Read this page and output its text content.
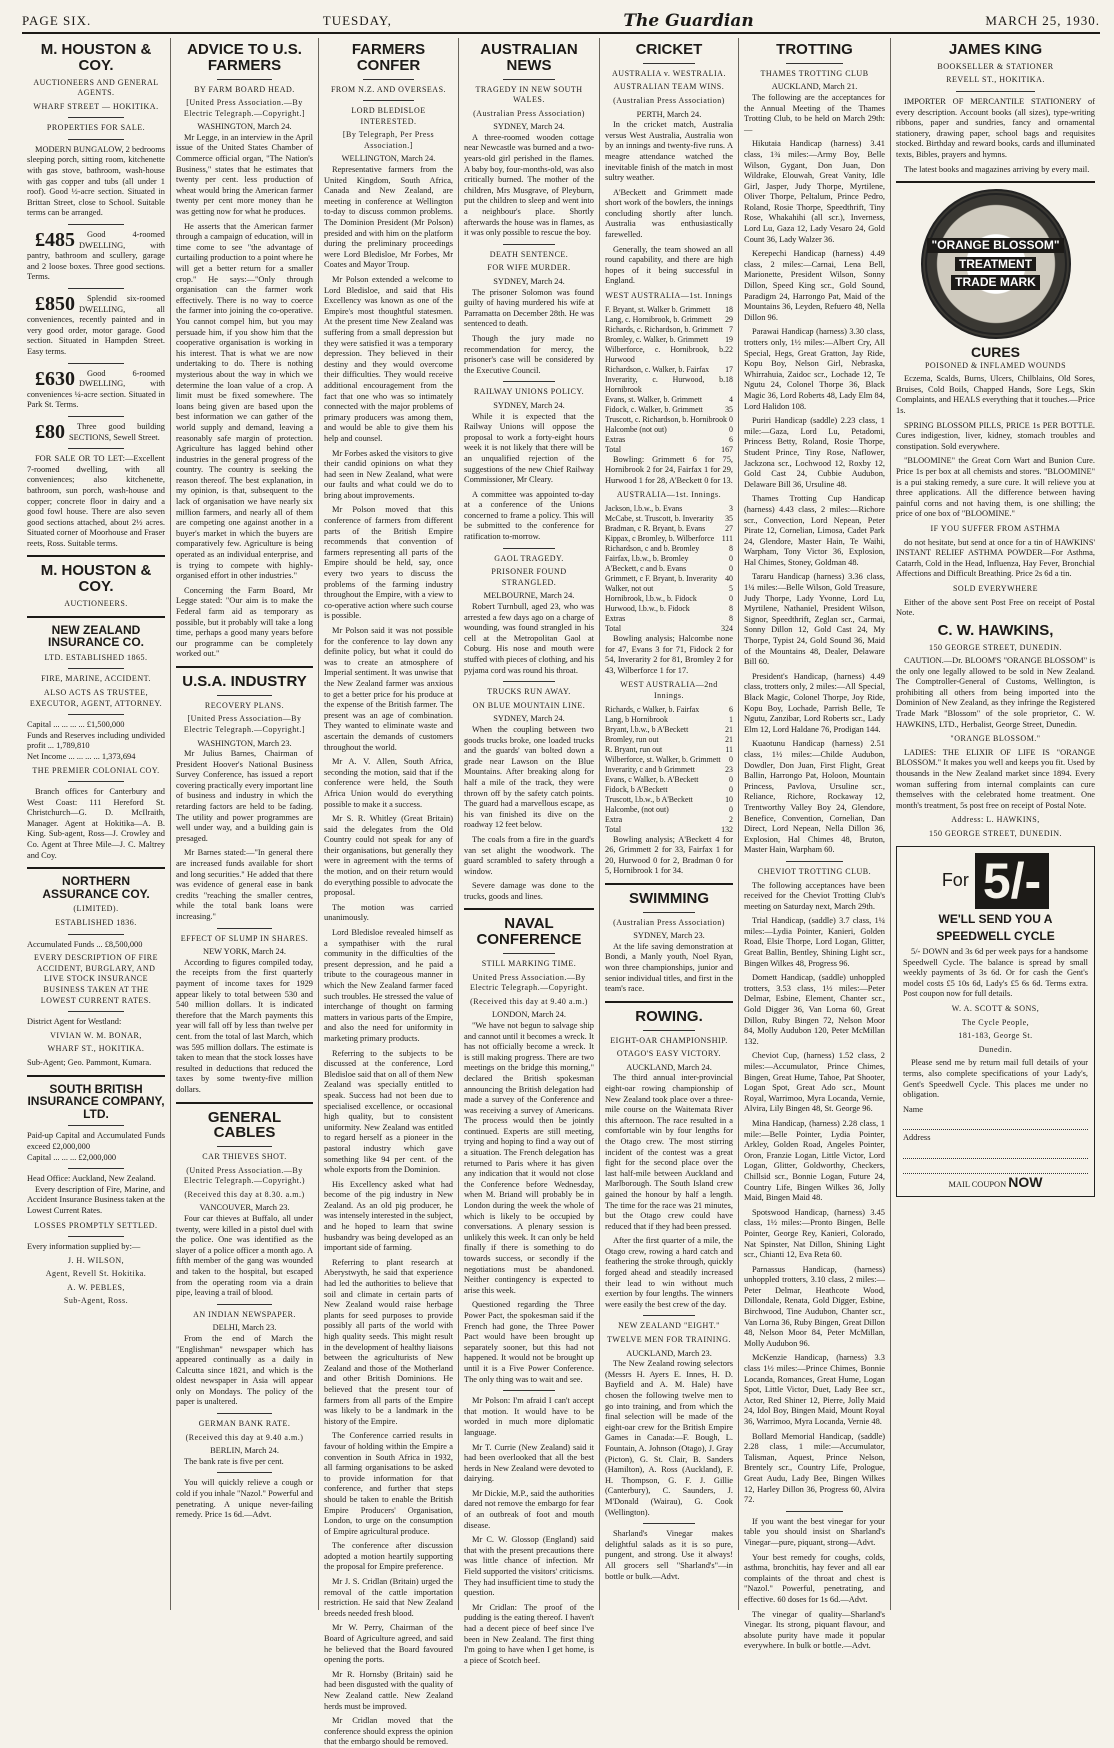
PAGE SIX.	TUESDAY,	The Guardian	MARCH 25, 1930.
M. HOUSTON & COY.
AUCTIONEERS AND GENERAL AGENTS.
WHARF STREET — HOKITIKA.
PROPERTIES FOR SALE.

MODERN BUNGALOW, 2 bedrooms sleeping porch, sitting room, kitchenette with gas stove, bathroom, wash-house with gas copper and tubs (all under 1 roof). Good ½-acre section. Situated in Brittan Street, close to School. Suitable terms can be arranged.

£485 Good 4-roomed DWELLING, with pantry, bathroom and scullery, garage and 2 loose boxes. Three good sections. Terms.

£850 Splendid six-roomed DWELLING, all conveniences, recently painted and in very good order, motor garage. Good section. Situated in Hampden Street. Easy terms.

£630 Good 6-roomed DWELLING, with conveniences ¼-acre section. Situated in Park St. Terms.

£80 Three good building SECTIONS, Sewell Street.

FOR SALE OR TO LET:—Excellent 7-roomed dwelling, with all conveniences; also kitchenette, bathroom, sun porch, wash-house and copper; concrete floor in dairy and a good fowl house. There are also seven good sections attached, about 2½ acres. Situated corner of Moorhouse and Fraser reets, Ross. Suitable terms.

M. HOUSTON & COY.
AUCTIONEERS.
NEW ZEALAND INSURANCE CO.
LTD. ESTABLISHED 1865.
FIRE, MARINE, ACCIDENT.
ALSO ACTS AS TRUSTEE, EXECUTOR, AGENT, ATTORNEY.
Capital ... ... ... ... £1,500,000
Funds and Reserves including undivided profit ... 1,789,810
Net Income ... ... ... ... 1,373,694
THE PREMIER COLONIAL COY.

Branch offices for Canterbury and West Coast: 111 Hereford St. Christchurch—G. D. McIlraith, Manager. Agent at Hokitika—A. B. King. Sub-agent, Ross—J. Crowley and Co. Agent at Three Mile—J. C. Maltrey and Coy.

NORTHERN ASSURANCE COY.
(LIMITED).
ESTABLISHED 1836.
Accumulated Funds ... £8,500,000
EVERY DESCRIPTION OF FIRE ACCIDENT, BURGLARY, AND LIVE STOCK INSURANCE BUSINESS TAKEN AT THE LOWEST CURRENT RATES.
District Agent for Westland:
VIVIAN W. M. BONAR,
WHARF ST., HOKITIKA.
Sub-Agent; Geo. Pammont, Kumara.
SOUTH BRITISH INSURANCE COMPANY, LTD.
Paid-up Capital and Accumulated Funds exceed £2,000,000
Capital ... ... ... £2,000,000
Head Office: Auckland, New Zealand.

Every description of Fire, Marine, and Accident Insurance Business taken at the Lowest Current Rates.

LOSSES PROMPTLY SETTLED.
Every information supplied by:—
J. H. WILSON,
Agent, Revell St. Hokitika.
A. W. PEBLES,
Sub-Agent, Ross.
ADVICE TO U.S. FARMERS
BY FARM BOARD HEAD.
[United Press Association.—By Electric Telegraph.—Copyright.]
WASHINGTON, March 24.

Mr Legge, in an interview in the April issue of the United States Chamber of Commerce official organ, "The Nation's Business," states that he estimates that twenty per cent. less production of wheat would bring the American farmer twenty per cent more money than he was getting now for what he produces.

He asserts that the American farmer through a campaign of education, will in time come to see "the advantage of curtailing production to a point where he will get a better return for a smaller crop." He says:—"Only through organisation can the farmer work effectively. There is no way to coerce the farmer into joining the co-operative. You cannot compel him, but you may persuade him, if you show him that the cooperative organisation is working in his interest. That is what we are now undertaking to do. There is nothing mysterious about the way in which we determine the loan value of a crop. A limit must be fixed somewhere. The loans being given are based upon the best information we can gather of the world supply and demand, leaving a reasonably safe margin of protection. Agriculture has lagged behind other industries in the general progress of the country. The country is seeking the reason thereof. The best explanation, in my opinion, is that, subsequent to the lack of organisation we have nearly six million farmers, and nearly all of them are competing one against another in a buyer's market in which the buyers are comparatively few. Agriculture is being operated as an individual enterprise, and is trying to compete with highly-organised effort in other industries."

Concerning the Farm Board, Mr Legge stated: "Our aim is to make the Federal farm aid as temporary as possible, but it probably will take a long time, perhaps a good many years before our programme can be completely worked out."

U.S.A. INDUSTRY
RECOVERY PLANS.
[United Press Association—By Electric Telegraph.—Copyright.]
WASHINGTON, March 23.

Mr Julius Barnes, Chairman of President Hoover's National Business Survey Conference, has issued a report covering practically every important line of business and industry in which the retarding factors are held to be fading. The utility and power programmes are well under way, and a building gain is presaged.

Mr Barnes stated:—"In general there are increased funds available for short and long securities." He added that there was evidence of general ease in bank credits "reaching the smaller centres, while the total bank loans were increasing."

EFFECT OF SLUMP IN SHARES.
NEW YORK, March 24.

According to figures compiled today, the receipts from the first quarterly payment of income taxes for 1929 appear likely to total between 530 and 540 million dollars. It is indicated therefore that the March payments this year will fall off by less than twelve per cent. from the total of last March, which was 595 million dollars. The estimate is taken to mean that the stock losses have resulted in deductions that reduced the taxes by some twenty-five million dollars.

GENERAL CABLES
CAR THIEVES SHOT.
(United Press Association.—By Electric Telegraph.—Copyright.)
(Received this day at 8.30. a.m.)
VANCOUVER, March 23.

Four car thieves at Buffalo, all under twenty, were killed in a pistol duel with the police. One was identified as the slayer of a police officer a month ago. A fifth member of the gang was wounded and taken to the hospital, but escaped from the operating room via a drain pipe, leaving a trail of blood.

AN INDIAN NEWSPAPER.
DELHI, March 23.

From the end of March the "Englishman" newspaper which has appeared continually as a daily in Calcutta since 1821, and which is the oldest newspaper in Asia will appear only on Mondays. The policy of the paper is unaltered.

GERMAN BANK RATE.
(Received this day at 9.40 a.m.)
BERLIN, March 24.

The bank rate is five per cent.

You will quickly relieve a cough or cold if you inhale "Nazol." Powerful and penetrating. A unique never-failing remedy. Price 1s 6d.—Advt.

FARMERS CONFER
FROM N.Z. AND OVERSEAS.
LORD BLEDISLOE INTERESTED.
[By Telegraph, Per Press Association.]
WELLINGTON, March 24.

Representative farmers from the United Kingdom, South Africa, Canada and New Zealand, are meeting in conference at Wellington to-day to discuss common problems. The Dominion President (Mr Polson) presided and with him on the platform during the preliminary proceedings were Lord Bledisloe, Mr Forbes, Mr Coates and Mayor Troup.

Mr Polson extended a welcome to Lord Bledisloe, and said that His Excellency was known as one of the Empire's most thoughtful statesmen. At the present time New Zealand was suffering from a small depression but they were satisfied it was a temporary depression. They believed in their destiny and they would overcome their difficulties. They would receive additional encouragement from the fact that one who was so intimately connected with the major problems of primary producers was among them, and would be able to give them his help and counsel.

Mr Forbes asked the visitors to give their candid opinions on what they had seen in New Zealand, what were our faults and what could we do to bring about improvements.

Mr Polson moved that this conference of farmers from different parts of the British Empire recommends that convention of farmers representing all parts of the Empire should be held, say, once every two years to discuss the problems of the farming industry throughout the Empire, with a view to co-operative action where such course is possible.

Mr Polson said it was not possible for the conference to lay down any definite policy, but what it could do was to create an atmosphere of Imperial sentiment. It was unwise that the New Zealand farmer was anxious to get a better price for his produce at the expense of the British farmer. The present was an age of combination. They wanted to eliminate waste and ascertain the demands of customers throughout the world.

Mr A. V. Allen, South Africa, seconding the motion, said that if the conference were held, the South Africa Union would do everything possible to make it a success.

Mr S. R. Whitley (Great Britain) said the delegates from the Old Country could not speak for any of their organisations, but generally they were in agreement with the terms of the motion, and on their return would do everything possible to advocate the proposal.

The motion was carried unanimously.

Lord Bledisloe revealed himself as a sympathiser with the rural community in the difficulties of the present depression, and he paid a tribute to the courageous manner in which the New Zealand farmer faced such troubles. He stressed the value of interchange of thought on farming matters in various parts of the Empire, and also the need for uniformity in marketing primary products.

Referring to the subjects to be discussed at the conference, Lord Bledisloe said that on all of them New Zealand was specially entitled to speak. Success had not been due to specialised excellence, or occasional high quality, but to consistent uniformity. New Zealand was entitled to regard herself as a pioneer in the pastoral industry which gave something like 94 per cent. of the whole exports from the Dominion.

His Excellency asked what had become of the pig industry in New Zealand. As an old pig producer, he was intensely interested in the subject, and he hoped to learn that swine husbandry was being developed as an important side of farming.

Referring to plant research at Aberystwyth, he said that experience had led the authorities to believe that soil and climate in certain parts of New Zealand would raise herbage plants for seed purposes to provide possibly all parts of the world with high quality seeds. This might result in the development of healthy liaisons between the agriculturists of New Zealand and those of the Motherland and other British Dominions. He believed that the present tour of farmers from all parts of the Empire was likely to be a landmark in the history of the Empire.

The Conference carried results in favour of holding within the Empire a convention in South Africa in 1932, all farming organisations to be asked to provide information for that conference, and further that steps should be taken to enable the British Empire Producers' Organisation, London, to urge on the consumption of Empire agricultural produce.

The conference after discussion adopted a motion heartily supporting the proposal for Empire preference.

Mr J. S. Cridlan (Britain) urged the removal of the cattle importation restriction. He said that New Zealand breeds needed fresh blood.

Mr W. Perry, Chairman of the Board of Agriculture agreed, and said he believed that the Board favoured opening the ports.

Mr R. Hornsby (Britain) said he had been disgusted with the quality of New Zealand cattle. New Zealand herds must be improved.

Mr Cridlan moved that the conference should express the opinion that the embargo should be removed.

AUSTRALIAN NEWS
TRAGEDY IN NEW SOUTH WALES.
(Australian Press Association)
SYDNEY, March 24.

A three-roomed wooden cottage near Newcastle was burned and a two-years-old girl perished in the flames. A baby boy, four-months-old, was also critically burned. The mother of the children, Mrs Musgrave, of Pleyburn, put the children to sleep and went into a neighbour's place. Shortly afterwards the house was in flames, as it was only possible to rescue the boy.

DEATH SENTENCE.
FOR WIFE MURDER.
SYDNEY, March 24.

The prisoner Solomon was found guilty of having murdered his wife at Parramatta on December 28th. He was sentenced to death.

Though the jury made no recommendation for mercy, the prisoner's case will be considered by the Executive Council.

RAILWAY UNIONS POLICY.
SYDNEY, March 24.

While it is expected that the Railway Unions will oppose the proposal to work a forty-eight hours week it is not likely that there will be an unqualified rejection of the suggestions of the new Chief Railway Commissioner, Mr Cleary.

A committee was appointed to-day at a conference of the Unions concerned to frame a policy. This will be submitted to the conference for ratification to-morrow.

GAOL TRAGEDY.
PRISONER FOUND STRANGLED.
MELBOURNE, March 24.

Robert Turnbull, aged 23, who was arrested a few days ago on a charge of wounding, was found strangled in his cell at the Metropolitan Gaol at Coburg. His nose and mouth were stuffed with pieces of clothing, and his pyjama cord was round his throat.

TRUCKS RUN AWAY.
ON BLUE MOUNTAIN LINE.
SYDNEY, March 24.

When the coupling between two goods trucks broke, one loaded trucks and the guards' van bolted down a grade near Lawson on the Blue Mountains. After breaking along for half a mile of the track, they were thrown off by the safety catch points. The guard had a marvellous escape, as his van finished its dive on the roadway 12 feet below.

The coals from a fire in the guard's van set alight the woodwork. The guard scrambled to safety through a window.

Severe damage was done to the trucks, goods and lines.

NAVAL CONFERENCE
STILL MARKING TIME.
United Press Association.—By Electric Telegraph.—Copyright.
(Received this day at 9.40 a.m.)
LONDON, March 24.

"We have not begun to salvage ship and cannot until it becomes a wreck. It has not officially become a wreck. It is still making progress. There are two meetings on the bridge this morning," declared the British spokesman announcing the British delegation had made a survey of the Conference and was receiving a survey of Americans. The process would then be jointly continued. Experts are still meeting, trying and hoping to find a way out of a situation. The French delegation has returned to Paris where it has given any indication that it would not close the Conference before Wednesday, when M. Briand will probably be in London during the week the whole of which is likely to be occupied by conversations. A plenary session is unlikely this week. It can only be held finally if there is something to do towards success, or secondly if the negotiations must be abandoned. Neither contingency is expected to arise this week.

Questioned regarding the Three Power Pact, the spokesman said if the French had gone, the Three Power Pact would have been brought up separately sooner, but this had not happened. It would not be brought up until it is a Five Power Conference. The only thing was to wait and see.

Mr Polson: I'm afraid I can't accept that motion. It would have to be worded in much more diplomatic language.

Mr T. Currie (New Zealand) said it had been overlooked that all the best herds in New Zealand were devoted to dairying.

Mr Dickie, M.P., said the authorities dared not remove the embargo for fear of an outbreak of foot and mouth disease.

Mr C. W. Glossop (England) said that with the present precautions there was little chance of infection. Mr Field supported the visitors' criticisms. They had insufficient time to study the question.

Mr Cridlan: The proof of the pudding is the eating thereof. I haven't had a decent piece of beef since I've been in New Zealand. The first thing I'm going to have when I get home, is a piece of Scotch beef.

CRICKET
AUSTRALIA v. WESTRALIA.
AUSTRALIAN TEAM WINS.
(Australian Press Association)
PERTH, March 24.

In the cricket match, Australia versus West Australia, Australia won by an innings and twenty-five runs. A meagre attendance watched the inevitable finish of the match in most sultry weather.

A'Beckett and Grimmett made short work of the bowlers, the innings concluding shortly after lunch. Australia was enthusiastically farewelled.

Generally, the team showed an all round capability, and there are high hopes of it being successful in England.

WEST AUSTRALIA—1st. Innings
F. Bryant, st. Walker b. Grimmett 18
Lang, c. Hornibrook, b. Grimmett 29
Richards, c. Richardson, b. Grimmett 7
Bromley, c. Walker, b. Grimmett 19
Wilberforce, c. Hornibrook, b. Hurwood
22
Richardson, c. Walker, b. Fairfax 17
Inverarity, c. Hurwood, b. Hornibrook
18
Evans, st. Walker, b. Grimmett	4
Fidock, c. Walker, b. Grimmett	35
Truscott, c. Richardson, b. Hornibrook 0
Halcombe (not out)	0
Extras	6
Total	167

Bowling: Grimmett 6 for 75, Hornibrook 2 for 24, Fairfax 1 for 29, Hurwood 1 for 28, A'Beckett 0 for 13.

AUSTRALIA—1st. Innings.
Jackson, l.b.w., b. Evans	3
McCabe, st. Truscott, b. Inverarity 35
Bradman, c R. Bryant, b. Evans	27
Kippax, c Bromley, b. Wilberforce 111
Richardson, c and b. Bromley	8
Fairfax, l.b.w., b. Bromley	0
A'Beckett, c and b. Evans	0
Grimmett, c F. Bryant, b. Inverarity 40
Walker, not out	5
Hornibrook, l.b.w., b. Fidock	0
Hurwood, l.b.w., b. Fidock	8
Extras	8
Total	324

Bowling analysis; Halcombe none for 47, Evans 3 for 71, Fidock 2 for 54, Inverarity 2 for 81, Bromley 2 for 43, Wilberforce 1 for 17.

WEST AUSTRALIA—2nd Innings.
Richards, c Walker, b. Fairfax	6
Lang, b Hornibrook	1
Bryant, l.b.w., b A'Beckett	21
Bromley, run out	21
R. Bryant, run out	11
Wilberforce, st. Walker, b. Grimmett 0
Inverarity, c and b Grimmett	23
Evans, c Walker, b. A'Beckett	0
Fidock, b A'Beckett	0
Truscott, l.b.w., b A'Beckett	10
Halcombe, (not out)	0
Extra	2
Total	132

Bowling analysis; A'Beckett 4 for 26, Grimmett 2 for 33, Fairfax 1 for 20, Hurwood 0 for 2, Bradman 0 for 5, Hornibrook 1 for 34.

SWIMMING
(Australian Press Association)
SYDNEY, March 23.

At the life saving demonstration at Bondi, a Manly youth, Noel Ryan, won three championships, junior and senior individual titles, and first in the team's race.

ROWING.
EIGHT-OAR CHAMPIONSHIP.
OTAGO'S EASY VICTORY.
AUCKLAND, March 24.

The third annual inter-provincial eight-oar rowing championship of New Zealand took place over a three-mile course on the Waitemata River this afternoon. The race resulted in a comfortable win by four lengths for the Otago crew. The most stirring incident of the contest was a great fight for the second place over the last half-mile between Auckland and Marlborough. The South Island crew gained the honour by half a length. The time for the race was 21 minutes, but the Otago crew could have reduced that if they had been pressed.

After the first quarter of a mile, the Otago crew, rowing a hard catch and feathering the stroke through, quickly forged ahead and steadily increased their lead to win without much exertion by four lengths. The winners were easily the best crew of the day.

NEW ZEALAND "EIGHT."
TWELVE MEN FOR TRAINING.
AUCKLAND, March 23.

The New Zealand rowing selectors (Messrs H. Ayers E. Innes, H. D. Bayfield and A. M. Hale) have chosen the following twelve men to go into training, and from which the final selection will be made of the eight-oar crew for the British Empire Games in Canada:—F. Bough, L. Fountain, A. Johnson (Otago), J. Gray (Picton), G. St. Clair, B. Sanders (Hamilton), A. Ross (Auckland), F. H. Thompson, G. F. J. Gillie (Canterbury), C. Saunders, J. M'Donald (Wairau), G. Cook (Wellington).

Sharland's Vinegar makes delightful salads as it is so pure, pungent, and strong. Use it always! All grocers sell "Sharland's"—in bottle or bulk.—Advt.

TROTTING
THAMES TROTTING CLUB
AUCKLAND, March 21.

The following are the acceptances for the Annual Meeting of the Thames Trotting Club, to be held on March 29th:—

Hikutaia Handicap (harness) 3.41 class, 1¾ miles:—Army Boy, Belle Wilson, Gygant, Don Juan, Don Wildrake, Elouwah, Great Vanity, Idle Girl, Jasper, Judy Thorpe, Myrtilene, Oliver Thorpe, Peltalum, Prince Pedro, Roland, Rosie Thorpe, Speedthrift, Tiny Rose, Whakahihi (all scr.), Inverness, Lord Lu, Gaza 12, Lady Vesaro 24, Gold Count 36, Lady Walzer 36.

Kerepechi Handicap (harness) 4.49 class, 2 miles:—Carnai, Lena Bell, Marionette, President Wilson, Sonny Dillon, Speed King scr., Gold Sound, Paradigm 24, Harrongo Pat, Maid of the Mountains 36, Leyden, Refuero 48, Nella Dillon 96.

Parawai Handicap (harness) 3.30 class, trotters only, 1½ miles:—Albert Cry, All Special, Hegs, Great Gratton, Jay Ride, Kopu Boy, Nelson Girl, Nebraska, Whirrahuia, Zaidoc scr., Lochade 12, Te Ngutu 24, Colonel Thorpe 36, Black Magic 36, Lord Roberts 48, Lady Elm 84, Lord Halidon 108.

Puriri Handicap (saddle) 2.23 class, 1 mile:—Gaza, Lord Lu, Petadomi, Princess Betty, Roland, Rosie Thorpe, Student Prince, Tiny Rose, Naflower, Jackzona scr., Lochwood 12, Roxby 12, Gold Cast 24, Cubbie Audubon, Delaware Bill 36, Ursuline 48.

Thames Trotting Cup Handicap (harness) 4.43 class, 2 miles:—Richore scr., Convection, Lord Nepean, Peter Pirate 12, Cornelian, Limosa, Cadet Park 24, Glendore, Master Hain, Te Waihi, Warpham, Tony Victor 36, Explosion, Hal Chimes, Stoney, Goldman 48.

Tararu Handicap (harness) 3.36 class, 1¼ miles:—Belle Wilson, Gold Treasure, Judy Thorpe, Lady Yvonne, Lord Lu, Myrtilene, Nathaniel, President Wilson, Signor, Speedthrift, Zeglan scr., Carmai, Sonny Dillon 12, Gold Cast 24, My Thorpe, Typist 24, Gold Sound 36, Maid of the Mountains 48, Dealer, Delaware Bill 60.

President's Handicap, (harness) 4.49 class, trotters only, 2 miles:—All Special, Black Magic, Colonel Thorpe, Joy Ride, Kopu Boy, Lochade, Parrish Belle, Te Ngutu, Zanzibar, Lord Roberts scr., Lady Elm 12, Lord Haldane 76, Prodigan 144.

Kuaotunu Handicap (harness) 2.51 class, 1½ miles:—Childe Audubon, Dowdler, Don Juan, First Flight, Great Ballin, Harrongo Pat, Holoon, Mountain Princess, Pavlova, Ursuline scr., Reliance, Richore, Rockaway 12, Trentworthy Valley Boy 24, Glendore, Benefice, Convention, Cornelian, Dan Direct, Lord Nepean, Nella Dillon 36, Explosion, Hal Chimes 48, Bruton, Master Hain, Warpham 60.

CHEVIOT TROTTING CLUB.

The following acceptances have been received for the Cheviot Trotting Club's meeting on Saturday next, March 29th.

Trial Handicap, (saddle) 3.7 class, 1¼ miles:—Lydia Pointer, Kanieri, Golden Road, Elsie Thorpe, Lord Logan, Glitter, Great Ballin, Bentley, Shining Light scr., Bingen Wilkes 48, Progress 96.

Domett Handicap, (saddle) unhoppled trotters, 3.53 class, 1½ miles:—Peter Delmar, Esbine, Element, Chanter scr., Gold Digger 36, Van Lorna 60, Great Dillon, Ruby Bingen 72, Nelson Moor 84, Molly Audubon 120, Peter McMillan 132.

Cheviot Cup, (harness) 1.52 class, 2 miles:—Accumulator, Prince Chimes, Bingen, Great Hume, Tahoe, Pat Shooter, Logan Spot, Great Ado scr., Mount Royal, Warrimoo, Myra Locanda, Vernie, Alvira, Lily Bingen 48, St. George 96.

Mina Handicap, (harness) 2.28 class, 1 mile:—Belle Pointer, Lydia Pointer, Arkley, Golden Road, Angeles Pointer, Oron, Franzie Logan, Little Victor, Lord Logan, Glitter, Goldworthy, Checkers, Chillsid scr., Bonnie Logan, Future 24, Country Life, Bingen Wilkes 36, Jolly Maid, Bingen Maid 48.

Spotswood Handicap, (harness) 3.45 class, 1½ miles:—Pronto Bingen, Belle Pointer, George Rey, Kanieri, Colorado, Nat Spinster, Nat Dillon, Shining Light scr., Chianti 12, Eva Reta 60.

Parnassus Handicap, (harness) unhoppled trotters, 3.10 class, 2 miles:—Peter Delmar, Heathcote Wood, Dillondale, Renata, Gold Digger, Esbine, Birchwood, Tine Audubon, Chanter scr., Van Lorna 36, Ruby Bingen, Great Dillon 48, Nelson Moor 84, Peter McMillan, Molly Audubon 96.

McKenzie Handicap, (harness) 3.3 class 1½ miles:—Prince Chimes, Bonnie Locanda, Romances, Great Hume, Logan Spot, Little Victor, Duet, Lady Bee scr., Actor, Red Shiner 12, Pierre, Jolly Maid 24, Idol Boy, Bingen Maid, Mount Royal 36, Warrimoo, Myra Locanda, Vernie 48.

Bollard Memorial Handicap, (saddle) 2.28 class, 1 mile:—Accumulator, Talisman, Aquest, Prince Nelson, Brentely scr., Country Life, Prologue, Great Audu, Lady Bee, Bingen Wilkes 12, Harley Dillon 36, Progress 60, Alvira 72.

If you want the best vinegar for your table you should insist on Sharland's Vinegar—pure, piquant, strong—Advt.

Your best remedy for coughs, colds, asthma, bronchitis, hay fever and all ear complaints of the throat and chest is "Nazol." Powerful, penetrating, and effective. 60 doses for 1s 6d.—Advt.

The vinegar of quality—Sharland's Vinegar. Its strong, piquant flavour, and absolute purity have made it popular everywhere. In bulk or bottle.—Advt.

JAMES KING
BOOKSELLER & STATIONER
REVELL ST., HOKITIKA.

IMPORTER OF MERCANTILE STATIONERY of every description. Account books (all sizes), type-writing ribbons, paper and sundries, fancy and ornamental stationery, drawing paper, school bags and requisites stocked. Birthday and reward books, cards and illuminated texts, Bibles, prayers and hymns.

The latest books and magazines arriving by every mail.

"ORANGE BLOSSOM"
TREATMENT
TRADE MARK
CURES
POISONED & INFLAMED WOUNDS

Eczema, Scalds, Burns, Ulcers, Chilblains, Old Sores, Bruises, Cold Boils, Chapped Hands, Sore Legs, Skin Complaints, and HEALS everything that it touches.—Price 1s.

SPRING BLOSSOM PILLS, PRICE 1s PER BOTTLE. Cures indigestion, liver, kidney, stomach troubles and constipation. Sold everywhere.

"BLOOMINE" the Great Corn Wart and Bunion Cure. Price 1s per box at all chemists and stores. "BLOOMINE" is a pui staking remedy, a sure cure. It will relieve you at three applications. All the difference between having painful corns and not having them, is one shilling; the price of one box of "BLOOMINE."

IF YOU SUFFER FROM ASTHMA

do not hesitate, but send at once for a tin of HAWKINS' INSTANT RELIEF ASTHMA POWDER—For Asthma, Catarrh, Cold in the Head, Influenza, Hay Fever, Bronchial Affections and Difficult Breathing. Price 2s 6d a tin.

SOLD EVERYWHERE

Either of the above sent Post Free on receipt of Postal Note.

C. W. HAWKINS,
150 GEORGE STREET, DUNEDIN.

CAUTION.—Dr. BLOOM'S "ORANGE BLOSSOM" is the only one legally allowed to be sold in New Zealand. The Comptroller-General of Customs, Wellington, is prohibiting all others from being imported into the Dominion of New Zealand, as they infringe the Registered Trade Mark "Blossom" of the sole proprietor, C. W. HAWKINS, LTD., Herbalist, George Street, Dunedin.

"ORANGE BLOSSOM."

LADIES: THE ELIXIR OF LIFE IS "ORANGE BLOSSOM." It makes you well and keeps you fit. Used by thousands in the New Zealand market since 1894. Every woman suffering from internal complaints can cure themselves with the celebrated home treatment. One month's treatment, 5s post free on receipt of Postal Note.

Address: L. HAWKINS,
150 GEORGE STREET, DUNEDIN.
For 5/-
WE'LL SEND YOU A
SPEEDWELL CYCLE

5/- DOWN and 3s 6d per week pays for a handsome Speedwell Cycle. The balance is spread by small weekly payments of 3s 6d. Or for cash the Gent's model costs £5 10s 6d, Lady's £5 6s 6d. Terms extra. Post coupon now for full details.

W. A. SCOTT & SONS,
The Cycle People,
181-183, George St.
Dunedin.

Please send me by return mail full details of your terms, also complete specifications of your Lady's, Gent's Speedwell Cycle. This places me under no obligation.

Name
Address
MAIL COUPON NOW
